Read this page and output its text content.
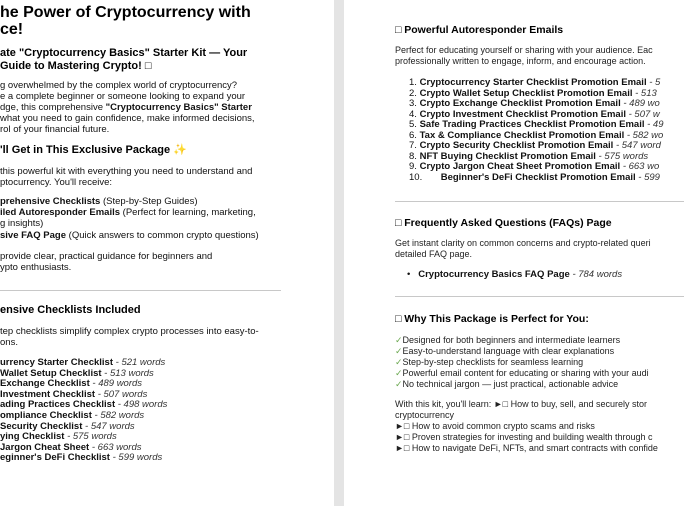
he Power of Cryptocurrency with
ce!
ate "Cryptocurrency Basics" Starter Kit — Your
Guide to Mastering Crypto! □
g overwhelmed by the complex world of cryptocurrency?
e a complete beginner or someone looking to expand your
dge, this comprehensive "Cryptocurrency Basics" Starter
what you need to gain confidence, make informed decisions,
rol of your financial future.
'll Get in This Exclusive Package ✨
this powerful kit with everything you need to understand and
ptocurrency. You'll receive:
prehensive Checklists (Step-by-Step Guides)
iled Autoresponder Emails (Perfect for learning, marketing,
g insights)
sive FAQ Page (Quick answers to common crypto questions)
provide clear, practical guidance for beginners and
ypto enthusiasts.
ensive Checklists Included
tep checklists simplify complex crypto processes into easy-to-
ons.
urrency Starter Checklist - 521 words
Wallet Setup Checklist - 513 words
Exchange Checklist - 489 words
Investment Checklist - 507 words
ading Practices Checklist - 498 words
ompliance Checklist - 582 words
Security Checklist - 547 words
ying Checklist - 575 words
Jargon Cheat Sheet - 663 words
eginner's DeFi Checklist - 599 words
□ Powerful Autoresponder Emails
Perfect for educating yourself or sharing with your audience. Eac
professionally written to engage, inform, and encourage action.
1. Cryptocurrency Starter Checklist Promotion Email - 5
2. Crypto Wallet Setup Checklist Promotion Email - 513
3. Crypto Exchange Checklist Promotion Email - 489 wo
4. Crypto Investment Checklist Promotion Email - 507 w
5. Safe Trading Practices Checklist Promotion Email - 49
6. Tax & Compliance Checklist Promotion Email - 582 wo
7. Crypto Security Checklist Promotion Email - 547 word
8. NFT Buying Checklist Promotion Email - 575 words
9. Crypto Jargon Cheat Sheet Promotion Email - 663 wo
10. Beginner's DeFi Checklist Promotion Email - 599
□ Frequently Asked Questions (FAQs) Page
Get instant clarity on common concerns and crypto-related queri
detailed FAQ page.
•   Cryptocurrency Basics FAQ Page - 784 words
□ Why This Package is Perfect for You:
✓Designed for both beginners and intermediate learners
✓Easy-to-understand language with clear explanations
✓Step-by-step checklists for seamless learning
✓Powerful email content for educating or sharing with your audi
✓No technical jargon — just practical, actionable advice
With this kit, you'll learn: ►□ How to buy, sell, and securely stor
cryptocurrency
►□ How to avoid common crypto scams and risks
►□ Proven strategies for investing and building wealth through c
►□ How to navigate DeFi, NFTs, and smart contracts with confide
